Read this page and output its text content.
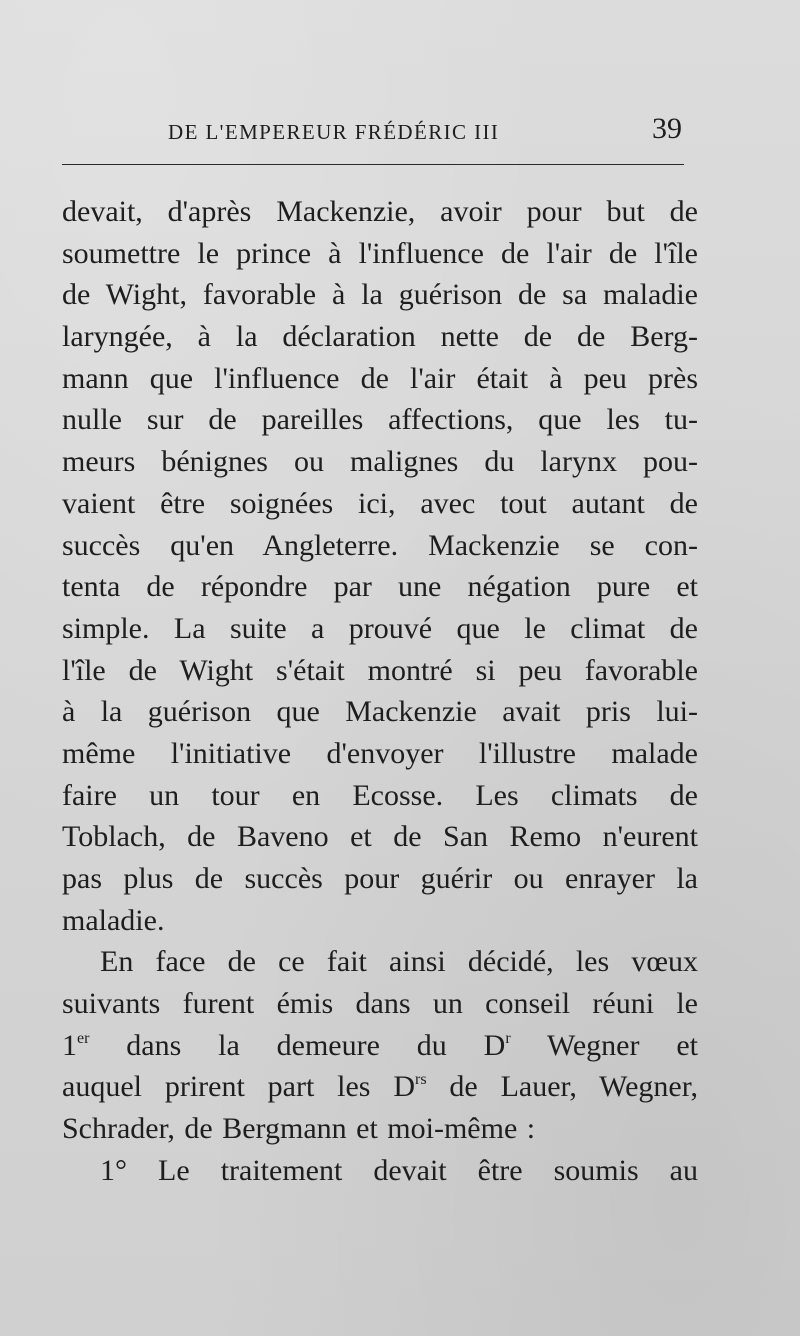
DE L'EMPEREUR FRÉDÉRIC III	39
devait, d'après Mackenzie, avoir pour but de
soumettre le prince à l'influence de l'air de l'île
de Wight, favorable à la guérison de sa maladie
laryngée, à la déclaration nette de de Berg-
mann que l'influence de l'air était à peu près
nulle sur de pareilles affections, que les tu-
meurs bénignes ou malignes du larynx pou-
vaient être soignées ici, avec tout autant de
succès qu'en Angleterre. Mackenzie se con-
tenta de répondre par une négation pure et
simple. La suite a prouvé que le climat de
l'île de Wight s'était montré si peu favorable
à la guérison que Mackenzie avait pris lui-
même l'initiative d'envoyer l'illustre malade
faire un tour en Ecosse. Les climats de
Toblach, de Baveno et de San Remo n'eurent
pas plus de succès pour guérir ou enrayer la
maladie.
En face de ce fait ainsi décidé, les vœux
suivants furent émis dans un conseil réuni le
1er dans la demeure du $D^r$ Wegner et
auquel prirent part les $D^{rs}$ de Lauer, Wegner,
Schrader, de Bergmann et moi-même :
1° Le traitement devait être soumis au
